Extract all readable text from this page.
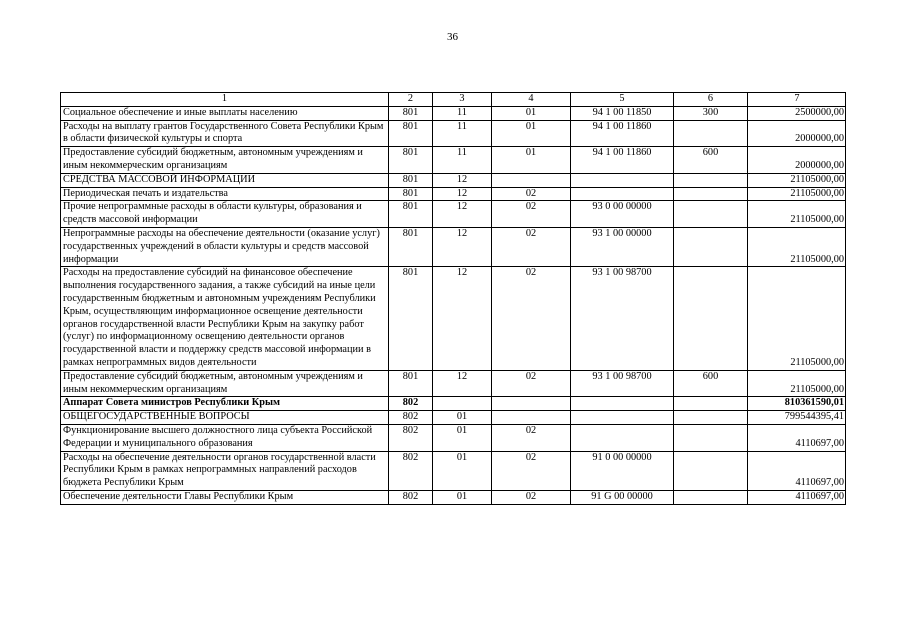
36
1	2	3	4	5	6	7
Социальное обеспечение и иные выплаты населению	801	11	01	94 1 00 11850	300	2500000,00
Расходы на выплату грантов Государственного Совета Республики Крым в области физической культуры и спорта	801	11	01	94 1 00 11860		2000000,00
Предоставление субсидий бюджетным, автономным учреждениям и иным некоммерческим организациям	801	11	01	94 1 00 11860	600	2000000,00
СРЕДСТВА МАССОВОЙ ИНФОРМАЦИИ	801	12				21105000,00
Периодическая печать и издательства	801	12	02			21105000,00
Прочие непрограммные расходы в области культуры, образования и средств массовой информации	801	12	02	93 0 00 00000		21105000,00
Непрограммные расходы на обеспечение деятельности (оказание услуг) государственных учреждений в области культуры и средств массовой информации	801	12	02	93 1 00 00000		21105000,00
Расходы на предоставление субсидий на финансовое обеспечение выполнения государственного задания, а также субсидий на иные цели государственным бюджетным и автономным учреждениям Республики Крым, осуществляющим информационное освещение деятельности органов государственной власти Республики Крым на закупку работ (услуг) по информационному освещению деятельности органов государственной власти и поддержку средств массовой информации в рамках непрограммных видов деятельности	801	12	02	93 1 00 98700		21105000,00
Предоставление субсидий бюджетным, автономным учреждениям и иным некоммерческим организациям	801	12	02	93 1 00 98700	600	21105000,00
Аппарат Совета министров Республики Крым	802					810361590,01
ОБЩЕГОСУДАРСТВЕННЫЕ ВОПРОСЫ	802	01				799544395,41
Функционирование высшего должностного лица субъекта Российской Федерации и муниципального образования	802	01	02			4110697,00
Расходы на обеспечение деятельности органов государственной власти Республики Крым в рамках непрограммных направлений расходов бюджета Республики Крым	802	01	02	91 0 00 00000		4110697,00
Обеспечение деятельности Главы Республики Крым	802	01	02	91 G 00 00000		4110697,00
